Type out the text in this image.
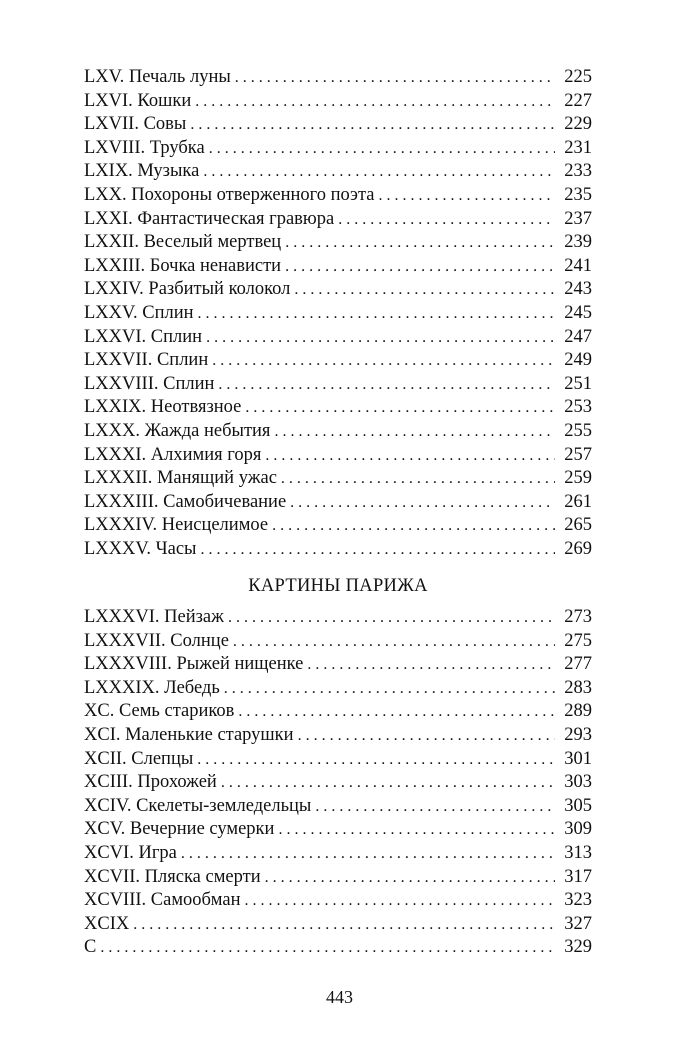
LXV. Печаль луны . . .	225
LXVI. Кошки . . .	227
LXVII. Совы . . .	229
LXVIII. Трубка . . .	231
LXIX. Музыка . . .	233
LXX. Похороны отверженного поэта . . .	235
LXXI. Фантастическая гравюра . . .	237
LXXII. Веселый мертвец . . .	239
LXXIII. Бочка ненависти . . .	241
LXXIV. Разбитый колокол . . .	243
LXXV. Сплин . . .	245
LXXVI. Сплин . . .	247
LXXVII. Сплин . . .	249
LXXVIII. Сплин . . .	251
LXXIX. Неотвязное . . .	253
LXXX. Жажда небытия . . .	255
LXXXI. Алхимия горя . . .	257
LXXXII. Манящий ужас . . .	259
LXXXIII. Самобичевание . . .	261
LXXXIV. Неисцелимое . . .	265
LXXXV. Часы . . .	269
КАРТИНЫ ПАРИЖА
LXXXVI. Пейзаж . . .	273
LXXXVII. Солнце . . .	275
LXXXVIII. Рыжей нищенке . . .	277
LXXXIX. Лебедь . . .	283
XC. Семь стариков . . .	289
XCI. Маленькие старушки . . .	293
XCII. Слепцы . . .	301
XCIII. Прохожей . . .	303
XCIV. Скелеты-земледельцы . . .	305
XCV. Вечерние сумерки . . .	309
XCVI. Игра . . .	313
XCVII. Пляска смерти . . .	317
XCVIII. Самообман . . .	323
XCIX . . .	327
C . . .	329
443
